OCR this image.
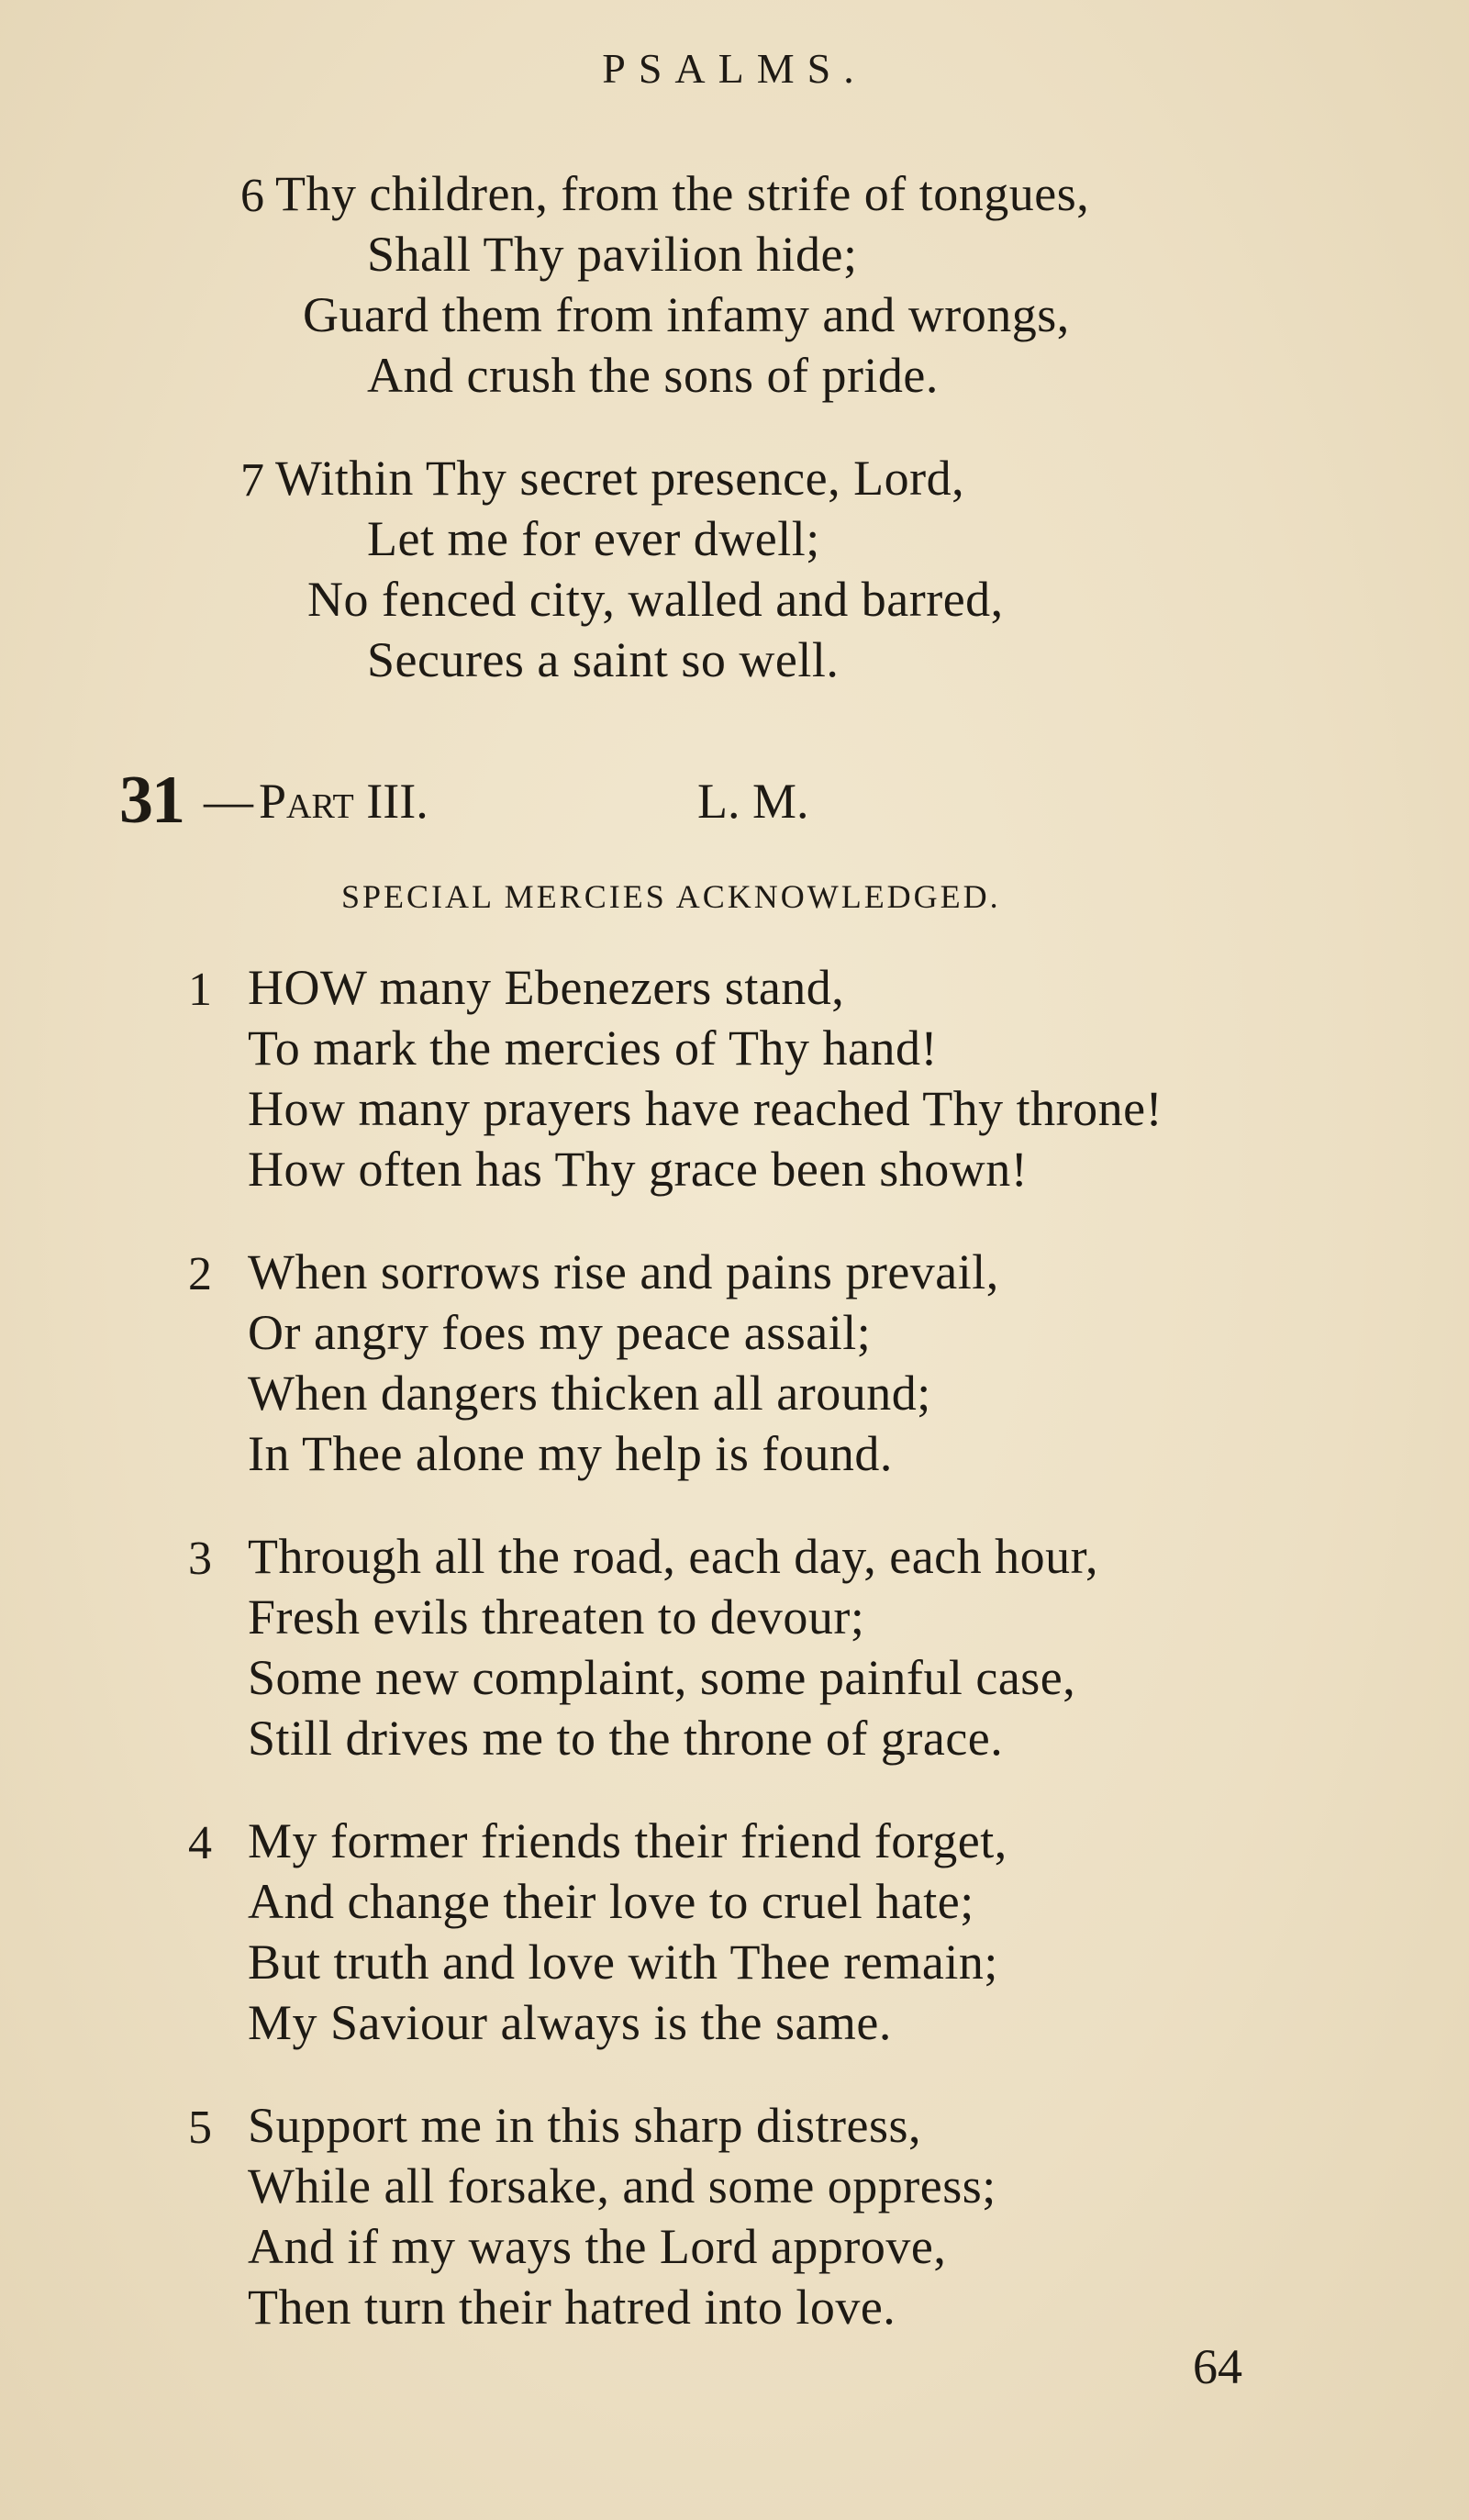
PSALMS.
6 Thy children, from the strife of tongues,
Shall Thy pavilion hide;
Guard them from infamy and wrongs,
And crush the sons of pride.
7 Within Thy secret presence, Lord,
Let me for ever dwell;
No fenced city, walled and barred,
Secures a saint so well.
31 — Part III.	L. M.
SPECIAL MERCIES ACKNOWLEDGED.
1 HOW many Ebenezers stand,
To mark the mercies of Thy hand!
How many prayers have reached Thy throne!
How often has Thy grace been shown!
2 When sorrows rise and pains prevail,
Or angry foes my peace assail;
When dangers thicken all around;
In Thee alone my help is found.
3 Through all the road, each day, each hour,
Fresh evils threaten to devour;
Some new complaint, some painful case,
Still drives me to the throne of grace.
4 My former friends their friend forget,
And change their love to cruel hate;
But truth and love with Thee remain;
My Saviour always is the same.
5 Support me in this sharp distress,
While all forsake, and some oppress;
And if my ways the Lord approve,
Then turn their hatred into love.
64
